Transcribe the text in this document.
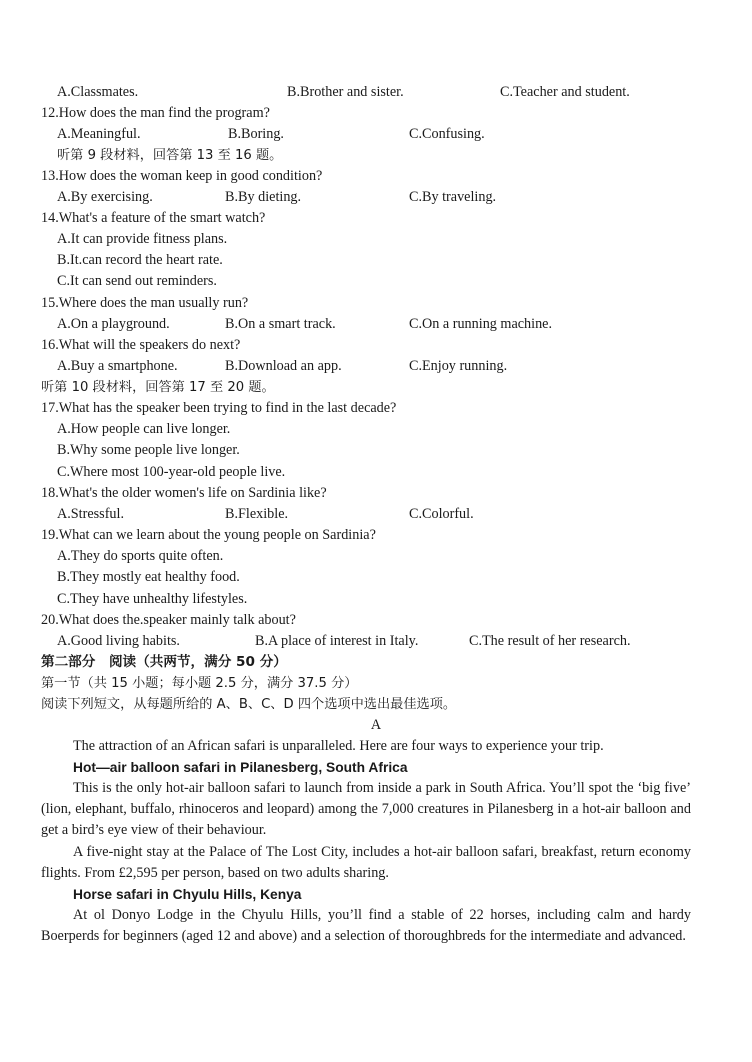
A.Classmates.	B.Brother and sister.	C.Teacher and student.
12.How does the man find the program?
A.Meaningful.	B.Boring.	C.Confusing.
听第 9 段材料，回答第 13 至 16 题。
13.How does the woman keep in good condition?
A.By exercising.	B.By dieting.	C.By traveling.
14.What's a feature of the smart watch?
A.It can provide fitness plans.
B.It.can record the heart rate.
C.It can send out reminders.
15.Where does the man usually run?
A.On a playground.	B.On a smart track.	C.On a running machine.
16.What will the speakers do next?
A.Buy a smartphone.	B.Download an app.	C.Enjoy running.
听第 10 段材料，回答第 17 至 20 题。
17.What has the speaker been trying to find in the last decade?
A.How people can live longer.
B.Why some people live longer.
C.Where most 100-year-old people live.
18.What's the older women's life on Sardinia like?
A.Stressful.	B.Flexible.	C.Colorful.
19.What can we learn about the young people on Sardinia?
A.They do sports quite often.
B.They mostly eat healthy food.
C.They have unhealthy lifestyles.
20.What does the.speaker mainly talk about?
A.Good living habits.	B.A place of interest in Italy.	C.The result of her research.
第二部分　阅读（共两节，满分 50 分）
第一节（共 15 小题；每小题 2.5 分，满分 37.5 分）
阅读下列短文，从每题所给的 A、B、C、D 四个选项中选出最佳选项。
A
The attraction of an African safari is unparalleled. Here are four ways to experience your trip.
Hot—air balloon safari in Pilanesberg, South Africa
This is the only hot-air balloon safari to launch from inside a park in South Africa. You’ll spot the ‘big five’ (lion, elephant, buffalo, rhinoceros and leopard) among the 7,000 creatures in Pilanesberg in a hot-air balloon and get a bird’s eye view of their behaviour.
A five-night stay at the Palace of The Lost City, includes a hot-air balloon safari, breakfast, return economy flights. From £2,595 per person, based on two adults sharing.
Horse safari in Chyulu Hills, Kenya
At ol Donyo Lodge in the Chyulu Hills, you’ll find a stable of 22 horses, including calm and hardy Boerperds for beginners (aged 12 and above) and a selection of thoroughbreds for the intermediate and advanced.
